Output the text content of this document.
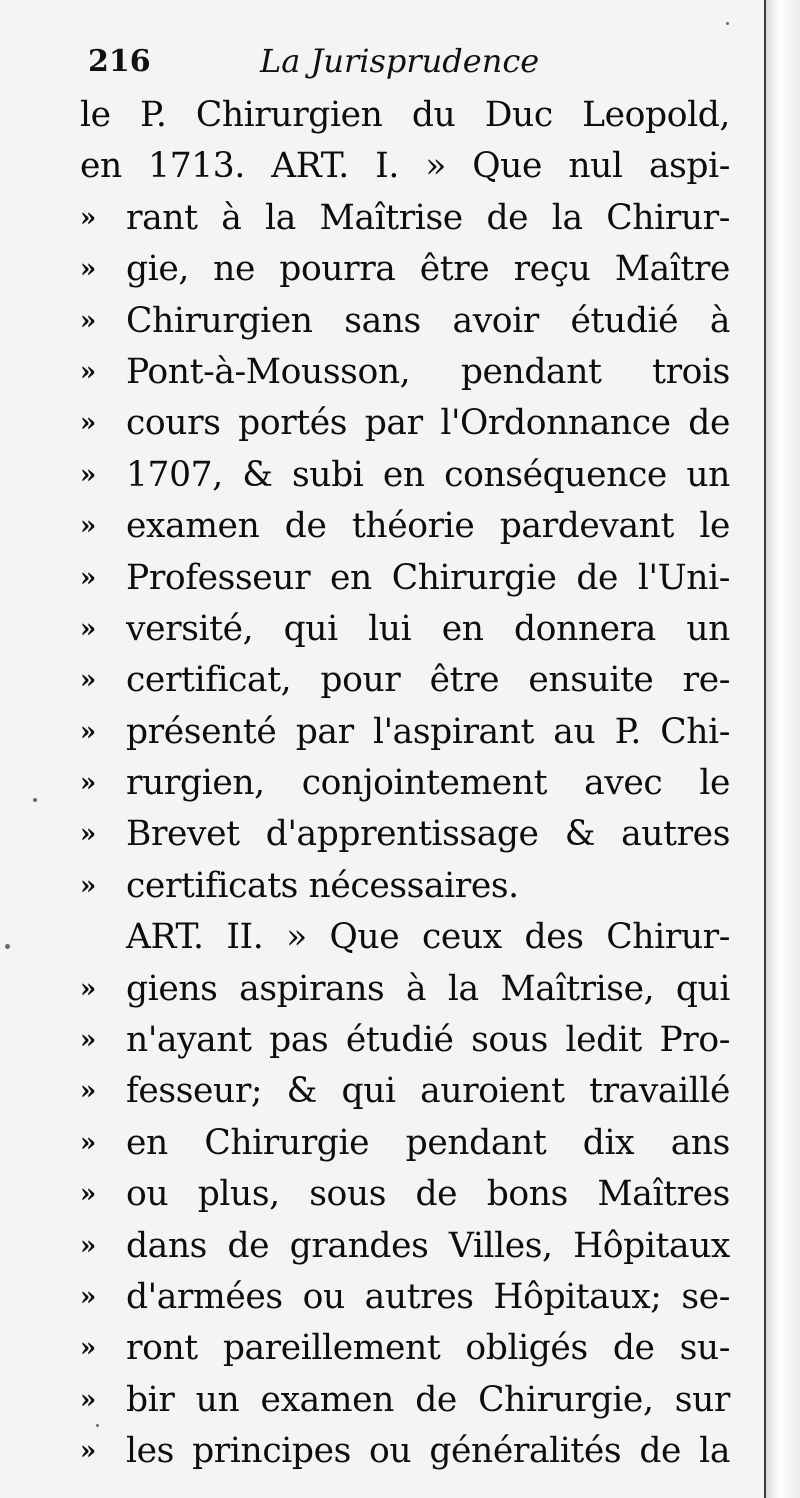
216	La Jurisprudence
le P. Chirurgien du Duc Leopold,
en 1713. ART. I. » Que nul aspi-
» rant à la Maîtrise de la Chirur-
» gie, ne pourra être reçu Maître
» Chirurgien sans avoir étudié à
» Pont-à-Mousson, pendant trois
» cours portés par l'Ordonnance de
» 1707, & subi en conséquence un
» examen de théorie pardevant le
» Professeur en Chirurgie de l'Uni-
» versité, qui lui en donnera un
» certificat, pour être ensuite re-
» présenté par l'aspirant au P. Chi-
» rurgien, conjointement avec le
» Brevet d'apprentissage & autres
» certificats nécessaires.
ART. II. » Que ceux des Chirur-
» giens aspirans à la Maîtrise, qui
» n'ayant pas étudié sous ledit Pro-
» fesseur; & qui auroient travaillé
» en Chirurgie pendant dix ans
» ou plus, sous de bons Maîtres
» dans de grandes Villes, Hôpitaux
» d'armées ou autres Hôpitaux; se-
» ront pareillement obligés de su-
» bir un examen de Chirurgie, sur
» les principes ou généralités de la
